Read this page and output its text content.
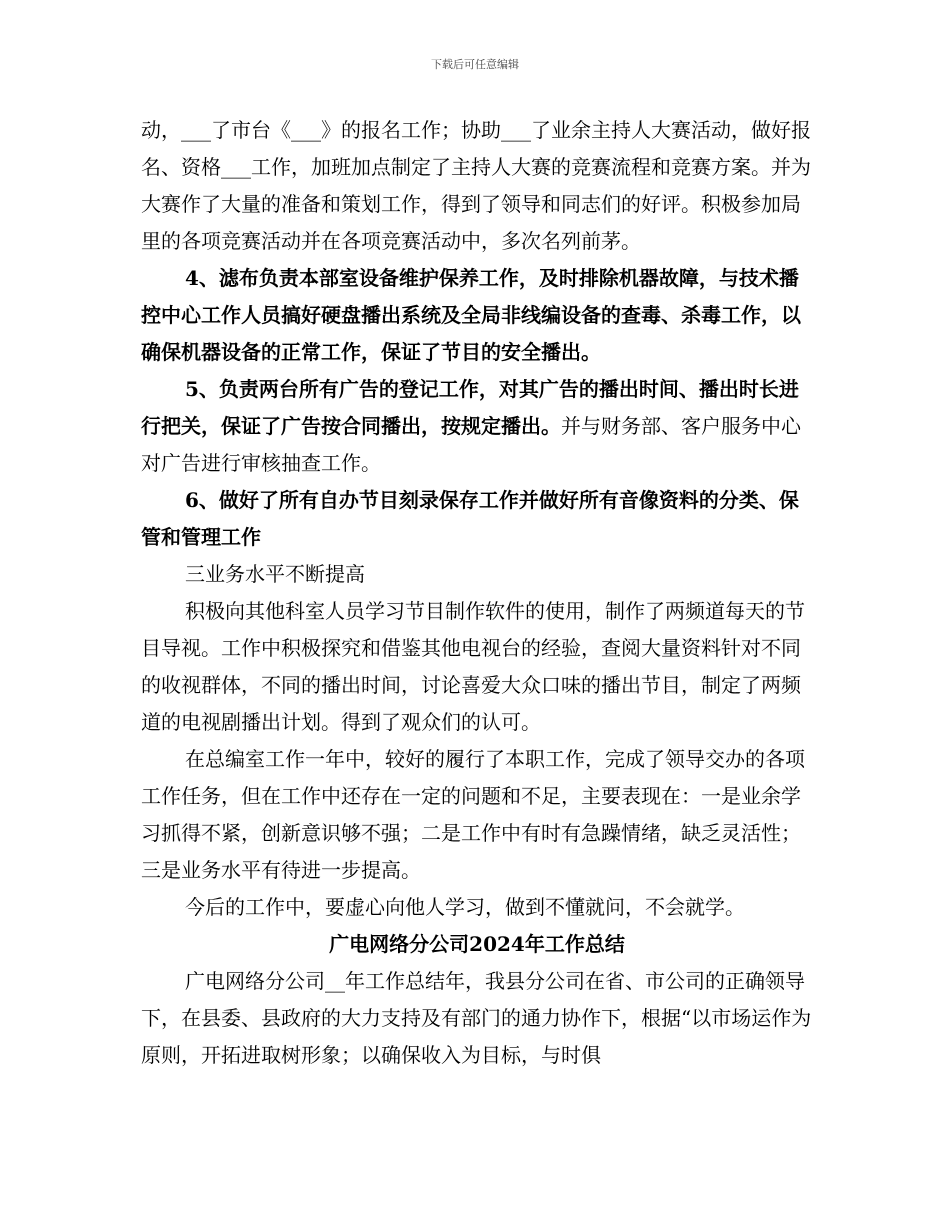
下载后可任意编辑

动，___了市台《___》的报名工作；协助___了业余主持人大赛活动，做好报名、资格___工作，加班加点制定了主持人大赛的竞赛流程和竞赛方案。并为大赛作了大量的准备和策划工作，得到了领导和同志们的好评。积极参加局里的各项竞赛活动并在各项竞赛活动中，多次名列前茅。

4、滤布负责本部室设备维护保养工作，及时排除机器故障，与技术播控中心工作人员搞好硬盘播出系统及全局非线编设备的查毒、杀毒工作，以确保机器设备的正常工作，保证了节目的安全播出。

5、负责两台所有广告的登记工作，对其广告的播出时间、播出时长进行把关，保证了广告按合同播出，按规定播出。并与财务部、客户服务中心对广告进行审核抽查工作。

6、做好了所有自办节目刻录保存工作并做好所有音像资料的分类、保管和管理工作

三业务水平不断提高

积极向其他科室人员学习节目制作软件的使用，制作了两频道每天的节目导视。工作中积极探究和借鉴其他电视台的经验，查阅大量资料针对不同的收视群体，不同的播出时间，讨论喜爱大众口味的播出节目，制定了两频道的电视剧播出计划。得到了观众们的认可。

在总编室工作一年中，较好的履行了本职工作，完成了领导交办的各项工作任务，但在工作中还存在一定的问题和不足，主要表现在：一是业余学习抓得不紧，创新意识够不强；二是工作中有时有急躁情绪，缺乏灵活性；三是业务水平有待进一步提高。

今后的工作中，要虚心向他人学习，做到不懂就问，不会就学。

广电网络分公司2024年工作总结

广电网络分公司__年工作总结年，我县分公司在省、市公司的正确领导下，在县委、县政府的大力支持及有部门的通力协作下，根据“以市场运作为原则，开拓进取树形象；以确保收入为目标，与时俱
